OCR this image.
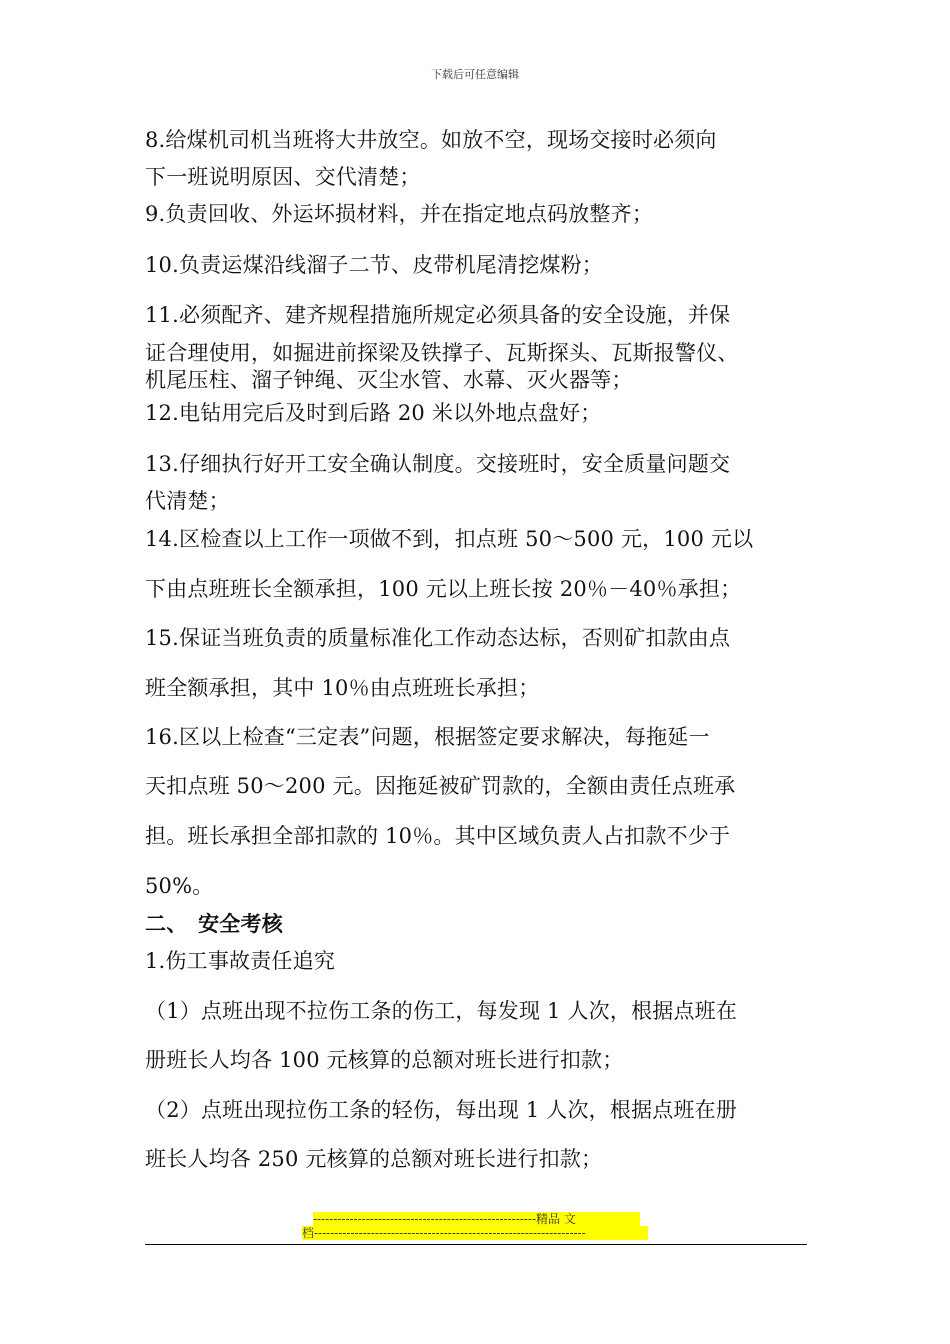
下载后可任意编辑
8.给煤机司机当班将大井放空。如放不空，现场交接时必须向
下一班说明原因、交代清楚；
9.负责回收、外运坏损材料，并在指定地点码放整齐；
10.负责运煤沿线溜子二节、皮带机尾清挖煤粉；
11.必须配齐、建齐规程措施所规定必须具备的安全设施，并保
证合理使用，如掘进前探梁及铁撑子、瓦斯探头、瓦斯报警仪、
机尾压柱、溜子钟绳、灭尘水管、水幕、灭火器等；
12.电钻用完后及时到后路 20 米以外地点盘好；
13.仔细执行好开工安全确认制度。交接班时，安全质量问题交
代清楚；
14.区检查以上工作一项做不到，扣点班 50～500 元，100 元以
下由点班班长全额承担，100 元以上班长按 20％－40％承担；
15.保证当班负责的质量标准化工作动态达标，否则矿扣款由点
班全额承担，其中 10％由点班班长承担；
16.区以上检查“三定表”问题，根据签定要求解决，每拖延一
天扣点班 50～200 元。因拖延被矿罚款的，全额由责任点班承
担。班长承担全部扣款的 10％。其中区域负责人占扣款不少于
50%。
二、　安全考核
1.伤工事故责任追究
（1）点班出现不拉伤工条的伤工，每发现 1 人次，根据点班在
册班长人均各 100 元核算的总额对班长进行扣款；
（2）点班出现拉伤工条的轻伤，每出现 1 人次，根据点班在册
班长人均各 250 元核算的总额对班长进行扣款；
-------------------------------------------------------精品 文
档-------------------------------------------------------------------
